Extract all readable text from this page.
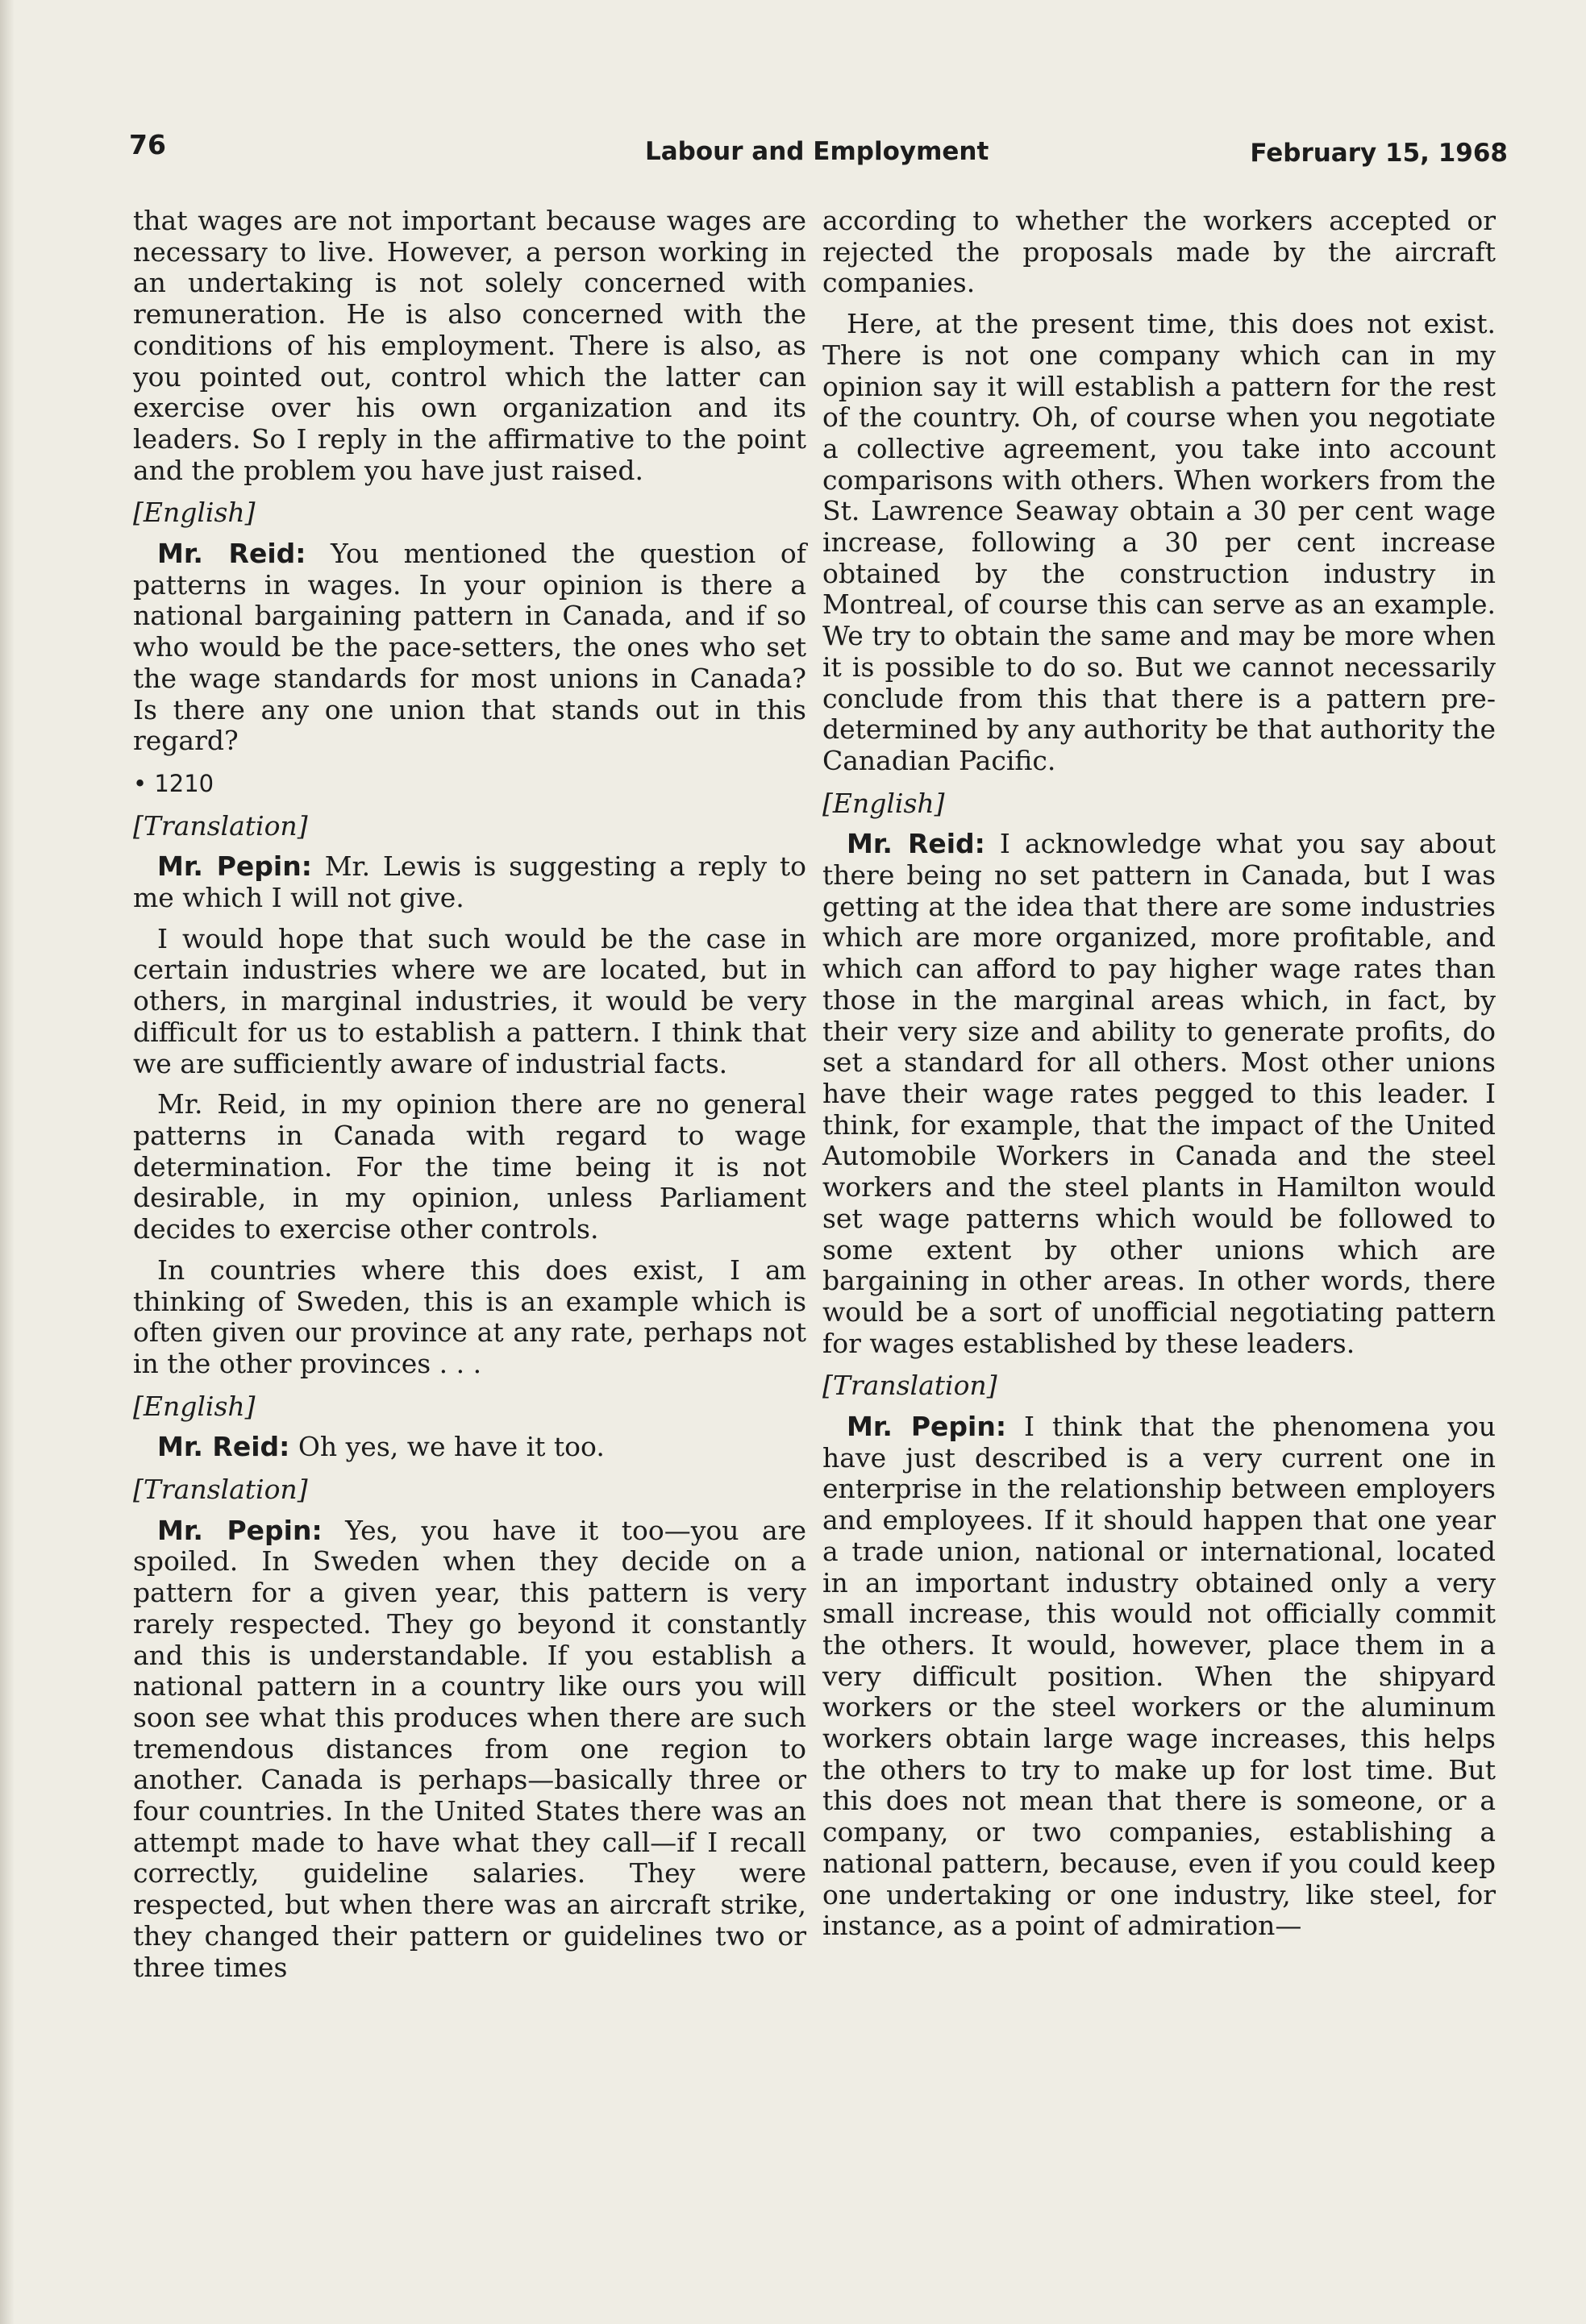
76	Labour and Employment	February 15, 1968

that wages are not important because wages are necessary to live. However, a person working in an undertaking is not solely concerned with remuneration. He is also concerned with the conditions of his employment. There is also, as you pointed out, control which the latter can exercise over his own organization and its leaders. So I reply in the affirmative to the point and the problem you have just raised.

[English]

Mr. Reid: You mentioned the question of patterns in wages. In your opinion is there a national bargaining pattern in Canada, and if so who would be the pace-setters, the ones who set the wage standards for most unions in Canada? Is there any one union that stands out in this regard?

• 1210

[Translation]

Mr. Pepin: Mr. Lewis is suggesting a reply to me which I will not give.

I would hope that such would be the case in certain industries where we are located, but in others, in marginal industries, it would be very difficult for us to establish a pattern. I think that we are sufficiently aware of industrial facts.

Mr. Reid, in my opinion there are no general patterns in Canada with regard to wage determination. For the time being it is not desirable, in my opinion, unless Parliament decides to exercise other controls.

In countries where this does exist, I am thinking of Sweden, this is an example which is often given our province at any rate, perhaps not in the other provinces . . .

[English]

Mr. Reid: Oh yes, we have it too.

[Translation]

Mr. Pepin: Yes, you have it too—you are spoiled. In Sweden when they decide on a pattern for a given year, this pattern is very rarely respected. They go beyond it constantly and this is understandable. If you establish a national pattern in a country like ours you will soon see what this produces when there are such tremendous distances from one region to another. Canada is perhaps—basically three or four countries. In the United States there was an attempt made to have what they call—if I recall correctly, guideline salaries. They were respected, but when there was an aircraft strike, they changed their pattern or guidelines two or three times

according to whether the workers accepted or rejected the proposals made by the aircraft companies.

Here, at the present time, this does not exist. There is not one company which can in my opinion say it will establish a pattern for the rest of the country. Oh, of course when you negotiate a collective agreement, you take into account comparisons with others. When workers from the St. Lawrence Seaway obtain a 30 per cent wage increase, following a 30 per cent increase obtained by the construction industry in Montreal, of course this can serve as an example. We try to obtain the same and may be more when it is possible to do so. But we cannot necessarily conclude from this that there is a pattern pre-determined by any authority be that authority the Canadian Pacific.

[English]

Mr. Reid: I acknowledge what you say about there being no set pattern in Canada, but I was getting at the idea that there are some industries which are more organized, more profitable, and which can afford to pay higher wage rates than those in the marginal areas which, in fact, by their very size and ability to generate profits, do set a standard for all others. Most other unions have their wage rates pegged to this leader. I think, for example, that the impact of the United Automobile Workers in Canada and the steel workers and the steel plants in Hamilton would set wage patterns which would be followed to some extent by other unions which are bargaining in other areas. In other words, there would be a sort of unofficial negotiating pattern for wages established by these leaders.

[Translation]

Mr. Pepin: I think that the phenomena you have just described is a very current one in enterprise in the relationship between employers and employees. If it should happen that one year a trade union, national or international, located in an important industry obtained only a very small increase, this would not officially commit the others. It would, however, place them in a very difficult position. When the shipyard workers or the steel workers or the aluminum workers obtain large wage increases, this helps the others to try to make up for lost time. But this does not mean that there is someone, or a company, or two companies, establishing a national pattern, because, even if you could keep one undertaking or one industry, like steel, for instance, as a point of admiration—
